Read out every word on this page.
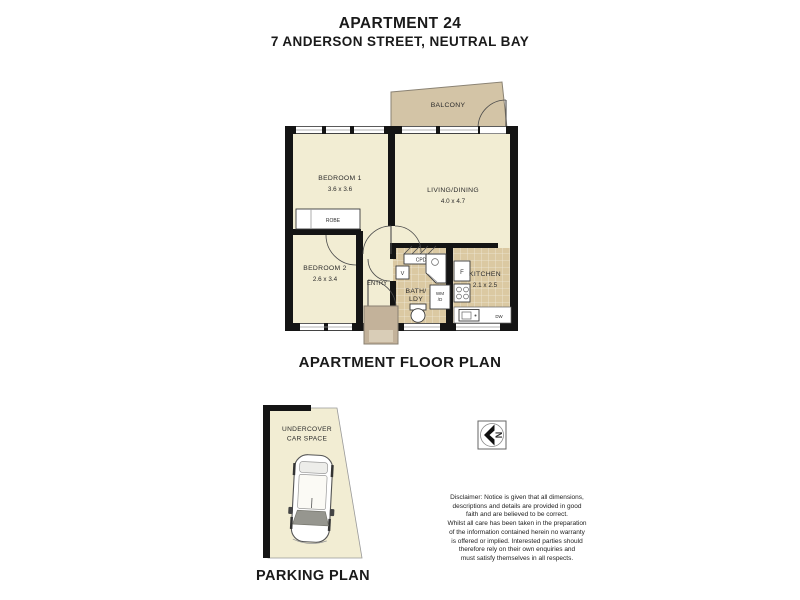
APARTMENT 24
7 ANDERSON STREET, NEUTRAL BAY
ROBE
CPD
V
WM
/D
F
DW
BALCONY
BEDROOM 1
3.6 x 3.6	LIVING/DINING
4.0 x 4.7
BEDROOM 2
2.6 x 3.4
ENTRY
BATH/
LDY
KITCHEN
2.1 x 2.5
APARTMENT FLOOR PLAN
UNDERCOVER
CAR SPACE
PARKING PLAN
N
Disclaimer: Notice is given that all dimensions,
descriptions and details are provided in good
faith and are believed to be correct.
Whilst all care has been taken in the preparation
of the information contained herein no warranty
is offered or implied. Interested parties should
therefore rely on their own enquiries and
must satisfy themselves in all respects.
